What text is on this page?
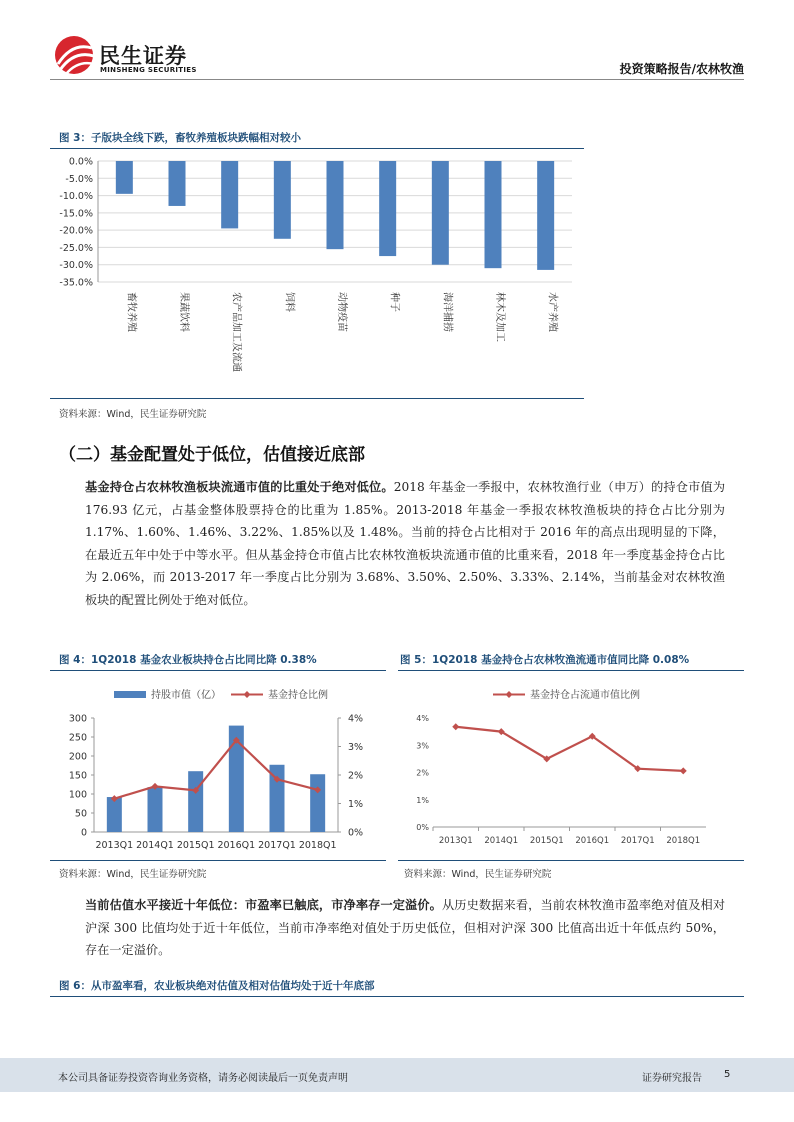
民生证券
MINSHENG SECURITIES	投资策略报告/农林牧渔
图 3：子版块全线下跌，畜牧养殖板块跌幅相对较小
0.0%
-5.0%
-10.0%
-15.0%
-20.0%
-25.0%
-30.0%
-35.0%
畜牧养殖	果蔬饮料	农产品加工及流通	饲料	动物疫苗	种子	海洋捕捞	林木及加工	水产养殖
资料来源：Wind，民生证券研究院
（二）基金配置处于低位，估值接近底部
基金持仓占农林牧渔板块流通市值的比重处于绝对低位。2018 年基金一季报中，农林牧渔行业（申万）的持仓市值为 176.93 亿元，占基金整体股票持仓的比重为 1.85%。2013-2018 年基金一季报农林牧渔板块的持仓占比分别为 1.17%、1.60%、1.46%、3.22%、1.85%以及 1.48%。当前的持仓占比相对于 2016 年的高点出现明显的下降，在最近五年中处于中等水平。但从基金持仓市值占比农林牧渔板块流通市值的比重来看，2018 年一季度基金持仓占比为 2.06%，而 2013-2017 年一季度占比分别为 3.68%、3.50%、2.50%、3.33%、2.14%，当前基金对农林牧渔板块的配置比例处于绝对低位。
图 4：1Q2018 基金农业板块持仓占比同比降 0.38%
持股市值（亿）	基金持仓比例
0
50
100
150
200
250
300
0%
1%
2%
3%
4%
2013Q1 2014Q1 2015Q1 2016Q1 2017Q1 2018Q1
资料来源：Wind，民生证券研究院
图 5：1Q2018 基金持仓占农林牧渔流通市值同比降 0.08%
基金持仓占流通市值比例
0%
1%
2%
3%
4%
2013Q1 2014Q1 2015Q1 2016Q1 2017Q1 2018Q1
资料来源：Wind，民生证券研究院
当前估值水平接近十年低位：市盈率已触底，市净率存一定溢价。从历史数据来看，当前农林牧渔市盈率绝对值及相对沪深 300 比值均处于近十年低位，当前市净率绝对值处于历史低位，但相对沪深 300 比值高出近十年低点约 50%，存在一定溢价。
图 6：从市盈率看，农业板块绝对估值及相对估值均处于近十年底部
本公司具备证券投资咨询业务资格，请务必阅读最后一页免责声明	证券研究报告 5
